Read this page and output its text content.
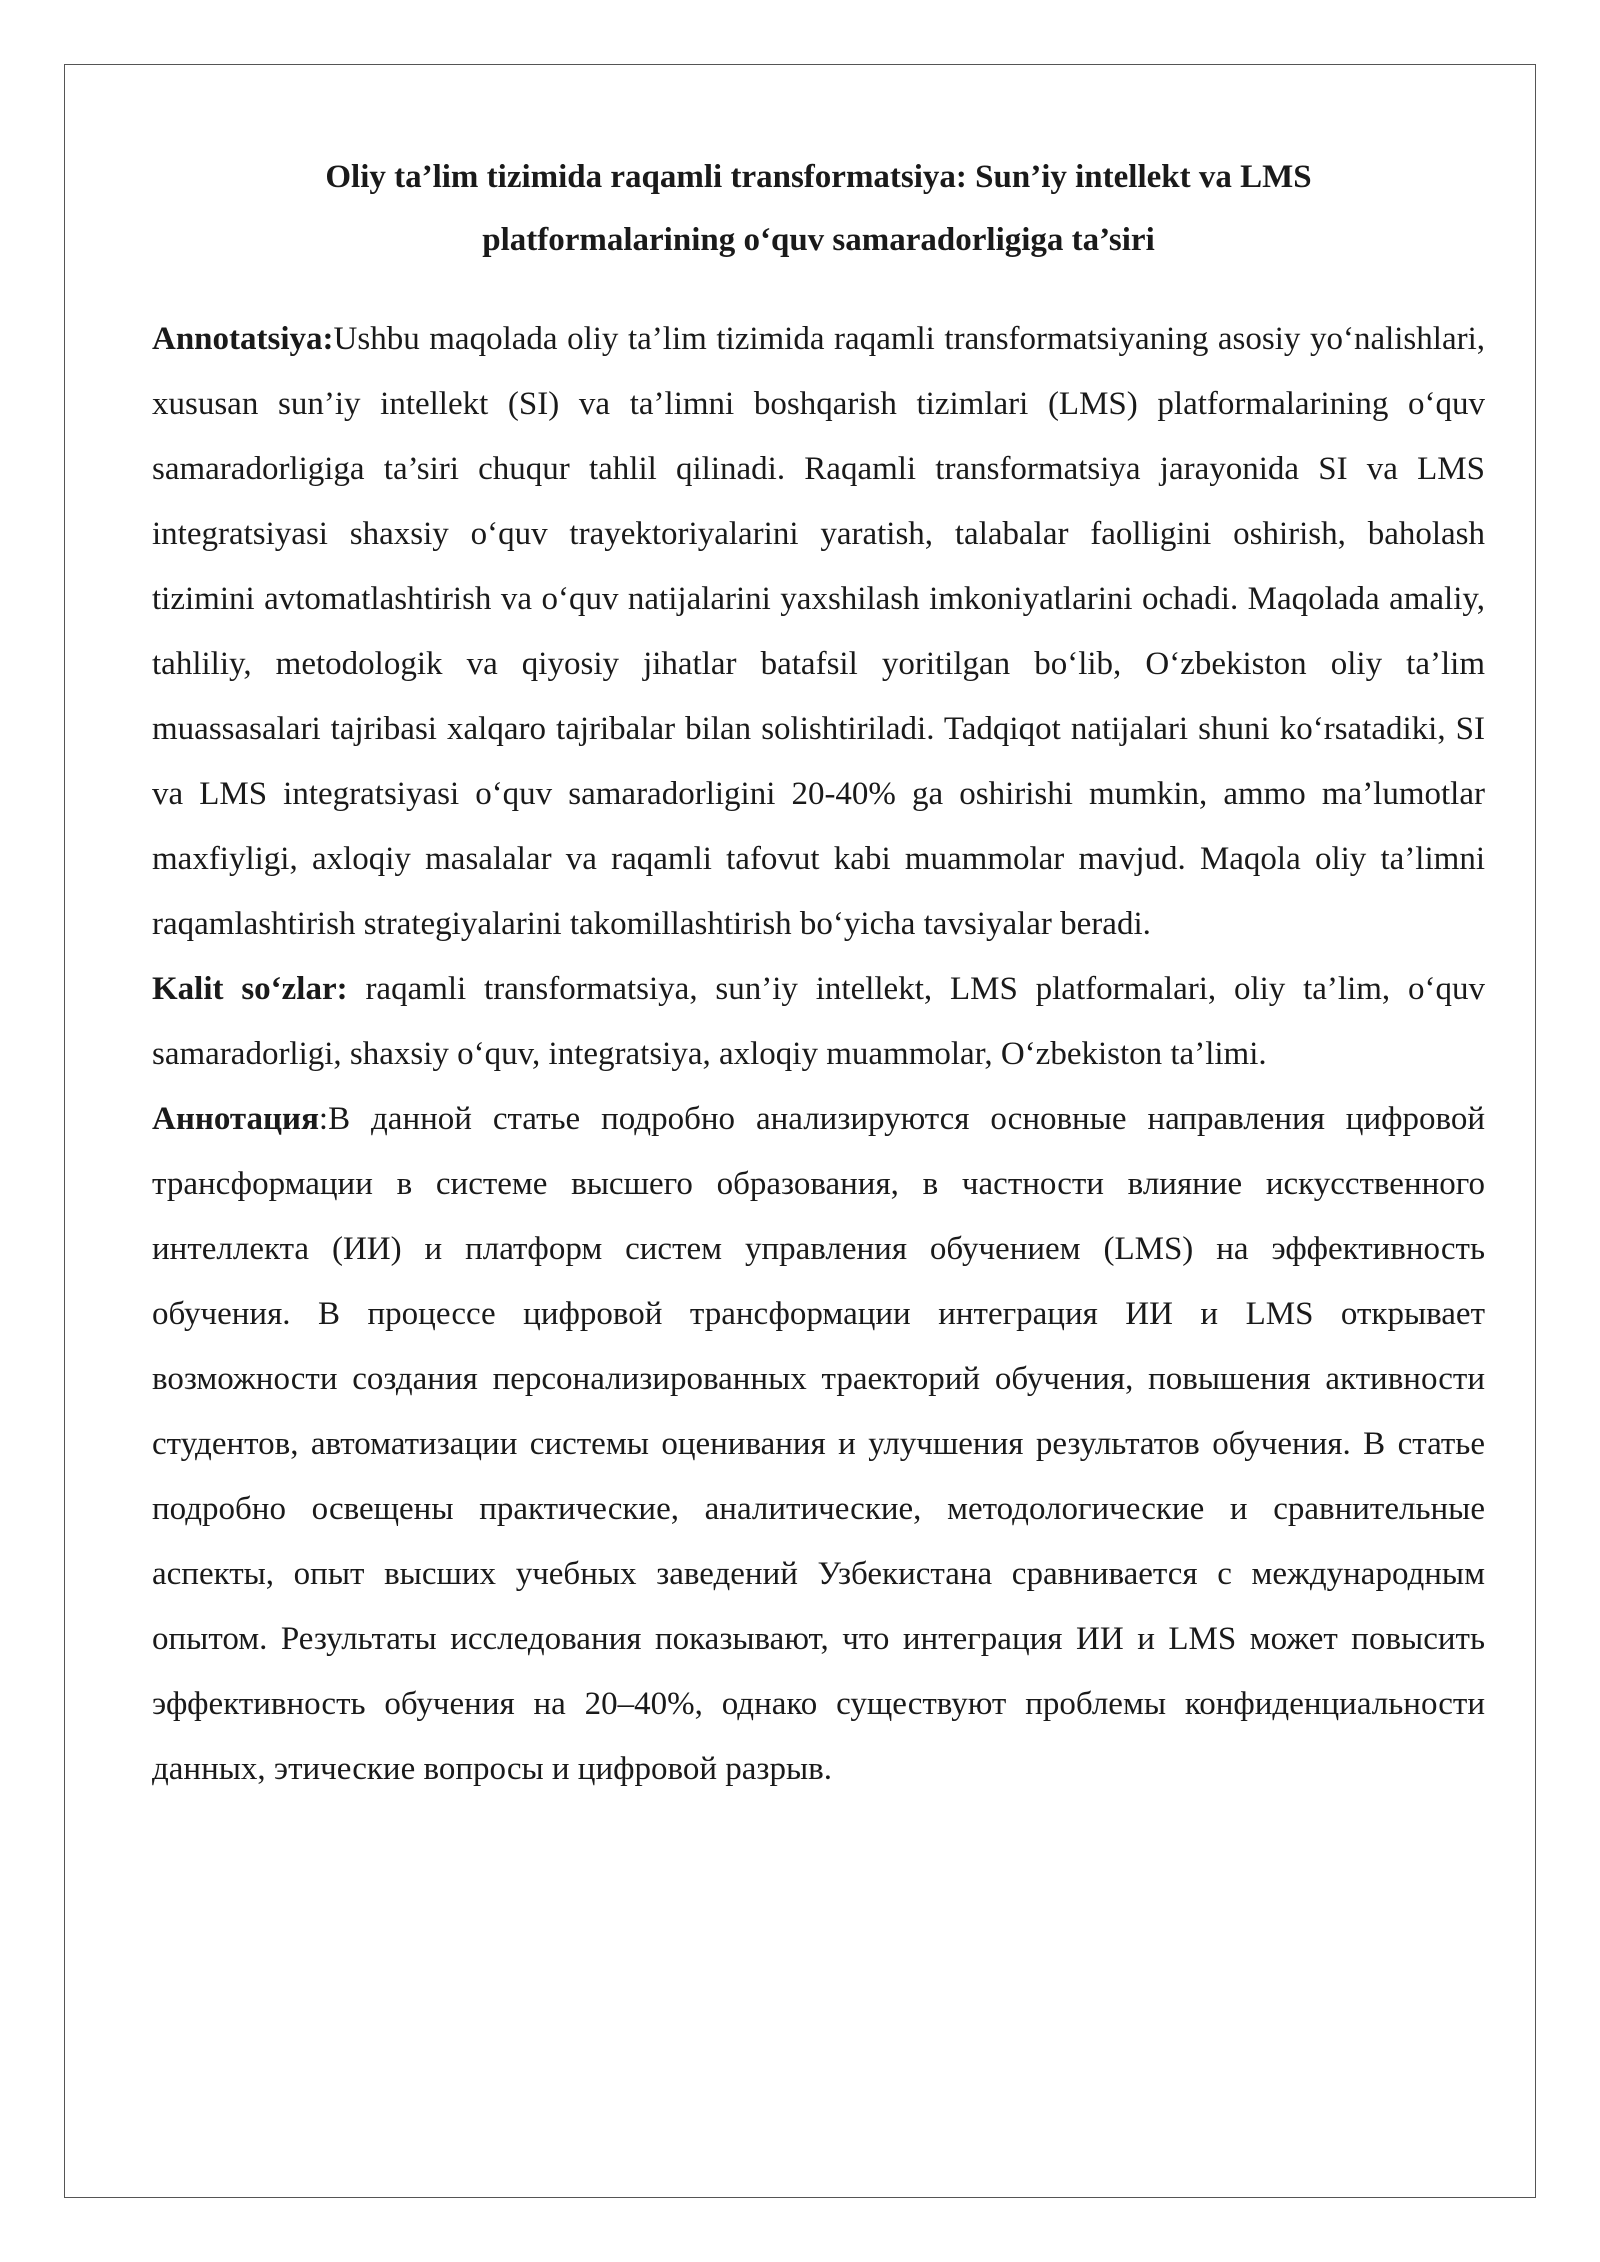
Oliy ta’lim tizimida raqamli transformatsiya: Sun’iy intellekt va LMS
platformalarining o‘quv samaradorligiga ta’siri

Annotatsiya:Ushbu maqolada oliy ta’lim tizimida raqamli transformatsiyaning asosiy yo‘nalishlari, xususan sun’iy intellekt (SI) va ta’limni boshqarish tizimlari (LMS) platformalarining o‘quv samaradorligiga ta’siri chuqur tahlil qilinadi. Raqamli transformatsiya jarayonida SI va LMS integratsiyasi shaxsiy o‘quv trayektoriyalarini yaratish, talabalar faolligini oshirish, baholash tizimini avtomatlashtirish va o‘quv natijalarini yaxshilash imkoniyatlarini ochadi. Maqolada amaliy, tahliliy, metodologik va qiyosiy jihatlar batafsil yoritilgan bo‘lib, O‘zbekiston oliy ta’lim muassasalari tajribasi xalqaro tajribalar bilan solishtiriladi. Tadqiqot natijalari shuni ko‘rsatadiki, SI va LMS integratsiyasi o‘quv samaradorligini 20-40% ga oshirishi mumkin, ammo ma’lumotlar maxfiyligi, axloqiy masalalar va raqamli tafovut kabi muammolar mavjud. Maqola oliy ta’limni raqamlashtirish strategiyalarini takomillashtirish bo‘yicha tavsiyalar beradi.

Kalit so‘zlar: raqamli transformatsiya, sun’iy intellekt, LMS platformalari, oliy ta’lim, o‘quv samaradorligi, shaxsiy o‘quv, integratsiya, axloqiy muammolar, O‘zbekiston ta’limi.

Аннотация:В данной статье подробно анализируются основные направления цифровой трансформации в системе высшего образования, в частности влияние искусственного интеллекта (ИИ) и платформ систем управления обучением (LMS) на эффективность обучения. В процессе цифровой трансформации интеграция ИИ и LMS открывает возможности создания персонализированных траекторий обучения, повышения активности студентов, автоматизации системы оценивания и улучшения результатов обучения. В статье подробно освещены практические, аналитические, методологические и сравнительные аспекты, опыт высших учебных заведений Узбекистана сравнивается с международным опытом. Результаты исследования показывают, что интеграция ИИ и LMS может повысить эффективность обучения на 20–40%, однако существуют проблемы конфиденциальности данных, этические вопросы и цифровой разрыв.
